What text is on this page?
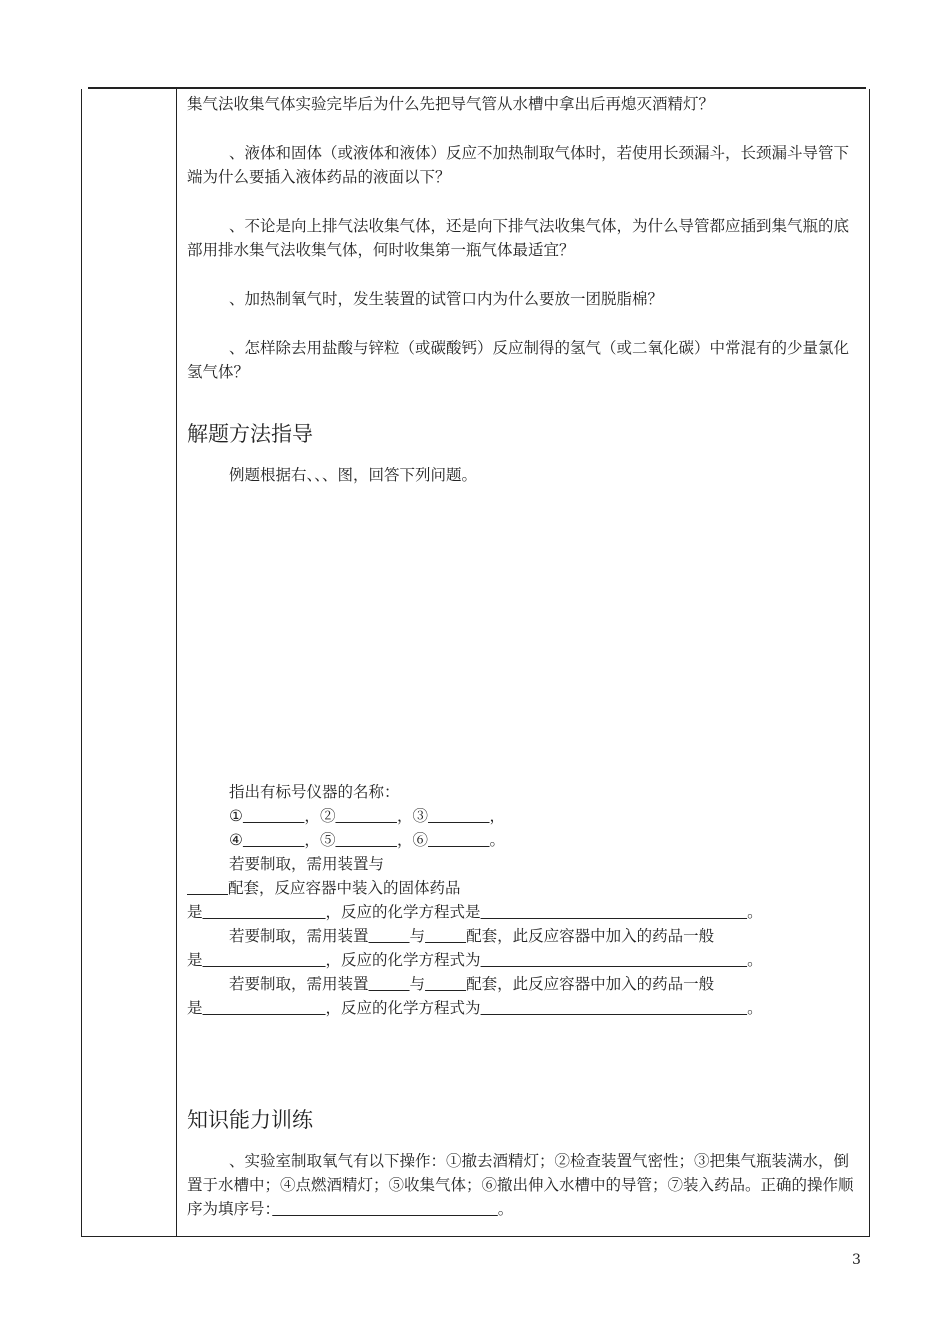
集气法收集气体实验完毕后为什么先把导气管从水槽中拿出后再熄灭酒精灯？

、液体和固体（或液体和液体）反应不加热制取气体时，若使用长颈漏斗，长颈漏斗导管下端为什么要插入液体药品的液面以下？

、不论是向上排气法收集气体，还是向下排气法收集气体，为什么导管都应插到集气瓶的底部用排水集气法收集气体，何时收集第一瓶气体最适宜？

、加热制氧气时，发生装置的试管口内为什么要放一团脱脂棉？

、怎样除去用盐酸与锌粒（或碳酸钙）反应制得的氢气（或二氧化碳）中常混有的少量氯化氢气体？

解题方法指导

例题根据右、、、图，回答下列问题。

指出有标号仪器的名称：

①　　　	，②　　　	，③　　　	，

④　　　	，⑤　　　	，⑥　　　	。

若要制取，需用装置与

　　配套，反应容器中装入的固体药品

是　　　　　　	，反应的化学方程式是　　　　　　　　　　　　　	。

若要制取，需用装置　　	与　　	配套，此反应容器中加入的药品一般

是　　　　　　	，反应的化学方程式为　　　　　　　　　　　　　	。

若要制取，需用装置　　	与　　	配套，此反应容器中加入的药品一般

是　　　　　　	，反应的化学方程式为　　　　　　　　　　　　　	。

知识能力训练

、实验室制取氧气有以下操作：①撤去酒精灯；②检查装置气密性；③把集气瓶装满水，倒置于水槽中；④点燃酒精灯；⑤收集气体；⑥撤出伸入水槽中的导管；⑦装入药品。正确的操作顺序为填序号：　　　　　　　　　　　	。

3
